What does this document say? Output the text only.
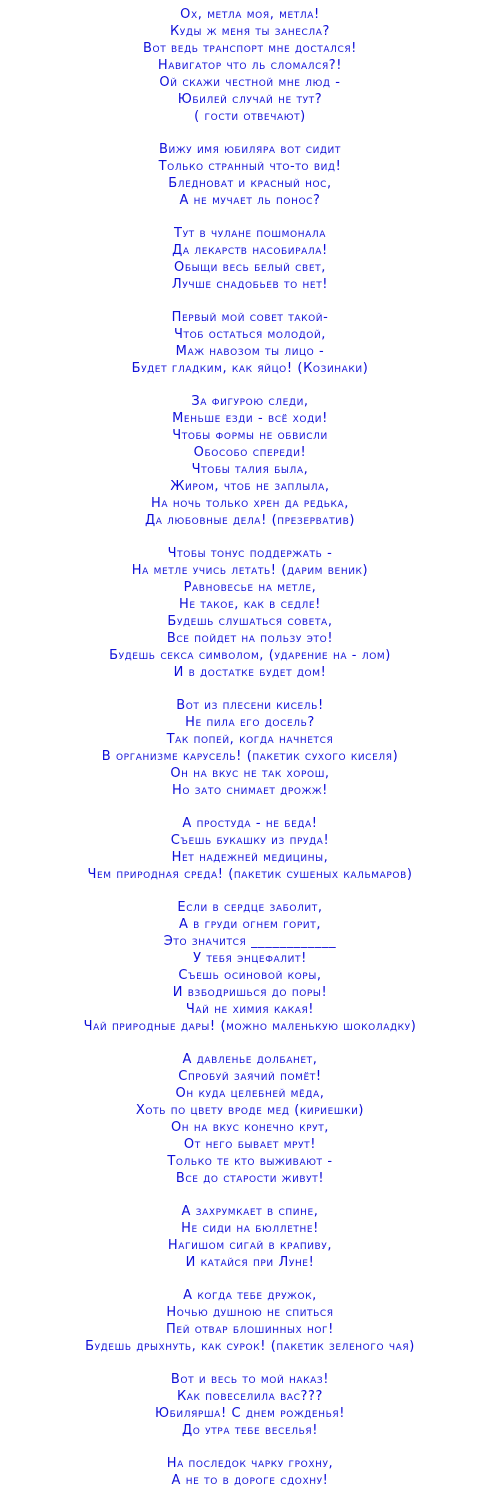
Ох, метла моя, метла!
Куды ж меня ты занесла?
Вот ведь транспорт мне достался!
Навигатор что ль сломался?!
Ой скажи честной мне люд -
Юбилей случай не тут?
( гости отвечают)
Вижу имя юбиляра вот сидит
Только странный что-то вид!
Бледноват и красный нос,
А не мучает ль понос?
Тут в чулане пошмонала
Да лекарств насобирала!
Обыщи весь белый свет,
Лучше снадобьев то нет!
Первый мой совет такой-
Чтоб остаться молодой,
Маж навозом ты лицо -
Будет гладким, как яйцо! (Козинаки)
За фигурою следи,
Меньше езди - всё ходи!
Чтобы формы не обвисли
Обособо спереди!
Чтобы талия была,
Жиром, чтоб не заплыла,
На ночь только хрен да редька,
Да любовные дела! (презерватив)
Чтобы тонус поддержать -
На метле учись летать! (дарим веник)
Равновесье на метле,
Не такое, как в седле!
Будешь слушаться совета,
Все пойдет на пользу это!
Будешь секса символом, (ударение на - лом)
И в достатке будет дом!
Вот из плесени кисель!
Не пила его досель?
Так попей, когда начнется
В организме карусель! (пакетик сухого киселя)
Он на вкус не так хорош,
Но зато снимает дрожж!
А простуда - не беда!
Съешь букашку из пруда!
Нет надежней медицины,
Чем природная среда! (пакетик сушеных кальмаров)
Если в сердце заболит,
А в груди огнем горит,
Это значится ____________
У тебя энцефалит!
Съешь осиновой коры,
И взбодришься до поры!
Чай не химия какая!
Чай природные дары! (можно маленькую шоколадку)
А давленье долбанет,
Спробуй заячий помёт!
Он куда целебней мёда,
Хоть по цвету вроде мед (кириешки)
Он на вкус конечно крут,
От него бывает мрут!
Только те кто выживают -
Все до старости живут!
А захрумкает в спине,
Не сиди на бюллетне!
Нагишом сигай в крапиву,
И катайся при Луне!
А когда тебе дружок,
Ночью душною не спиться
Пей отвар блошинных ног!
Будешь дрыхнуть, как сурок! (пакетик зеленого чая)
Вот и весь то мой наказ!
Как повеселила вас???
Юбилярша! С днем рожденья!
До утра тебе веселья!
На последок чарку грохну,
А не то в дороге сдохну!
